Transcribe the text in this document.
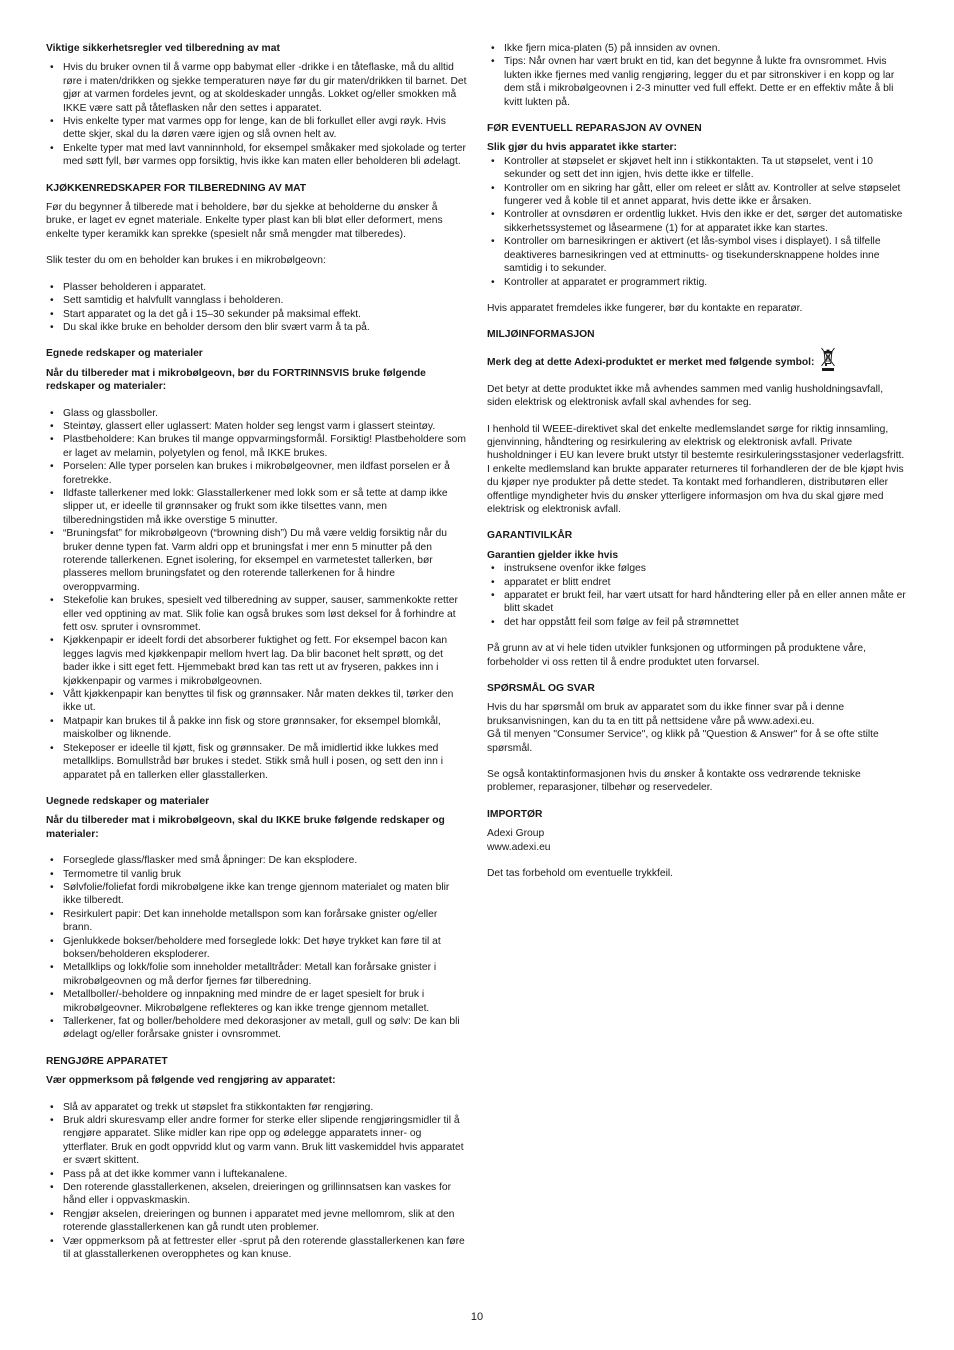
Viktige sikkerhetsregler ved tilberedning av mat

• Hvis du bruker ovnen til å varme opp babymat eller -drikke i en tåteflaske, må du alltid røre i maten/drikken og sjekke temperaturen nøye før du gir maten/drikken til barnet. Det gjør at varmen fordeles jevnt, og at skoldeskader unngås. Lokket og/eller smokken må IKKE være satt på tåteflasken når den settes i apparatet.
• Hvis enkelte typer mat varmes opp for lenge, kan de bli forkullet eller avgi røyk. Hvis dette skjer, skal du la døren være igjen og slå ovnen helt av.
• Enkelte typer mat med lavt vanninnhold, for eksempel småkaker med sjokolade og terter med søtt fyll, bør varmes opp forsiktig, hvis ikke kan maten eller beholderen bli ødelagt.

KJØKKENREDSKAPER FOR TILBEREDNING AV MAT

Før du begynner å tilberede mat i beholdere, bør du sjekke at beholderne du ønsker å bruke, er laget ev egnet materiale. Enkelte typer plast kan bli bløt eller deformert, mens enkelte typer keramikk kan sprekke (spesielt når små mengder mat tilberedes).

Slik tester du om en beholder kan brukes i en mikrobølgeovn:

• Plasser beholderen i apparatet.
• Sett samtidig et halvfullt vannglass i beholderen.
• Start apparatet og la det gå i 15–30 sekunder på maksimal effekt.
• Du skal ikke bruke en beholder dersom den blir svært varm å ta på.

Egnede redskaper og materialer

Når du tilbereder mat i mikrobølgeovn, bør du FORTRINNSVIS bruke følgende redskaper og materialer:

• Glass og glassboller.
• Steintøy, glassert eller uglassert: Maten holder seg lengst varm i glassert steintøy.
• Plastbeholdere: Kan brukes til mange oppvarmingsformål. Forsiktig! Plastbeholdere som er laget av melamin, polyetylen og fenol, må IKKE brukes.
• Porselen: Alle typer porselen kan brukes i mikrobølgeovner, men ildfast porselen er å foretrekke.
• Ildfaste tallerkener med lokk: Glasstallerkener med lokk som er så tette at damp ikke slipper ut, er ideelle til grønnsaker og frukt som ikke tilsettes vann, men tilberedningstiden må ikke overstige 5 minutter.
• “Bruningsfat” for mikrobølgeovn (“browning dish”) Du må være veldig forsiktig når du bruker denne typen fat. Varm aldri opp et bruningsfat i mer enn 5 minutter på den roterende tallerkenen. Egnet isolering, for eksempel en varmetestet tallerken, bør plasseres mellom bruningsfatet og den roterende tallerkenen for å hindre overoppvarming.
• Stekefolie kan brukes, spesielt ved tilberedning av supper, sauser, sammenkokte retter eller ved opptining av mat. Slik folie kan også brukes som løst deksel for å forhindre at fett osv. spruter i ovnsrommet.
• Kjøkkenpapir er ideelt fordi det absorberer fuktighet og fett. For eksempel bacon kan legges lagvis med kjøkkenpapir mellom hvert lag. Da blir baconet helt sprøtt, og det bader ikke i sitt eget fett. Hjemmebakt brød kan tas rett ut av fryseren, pakkes inn i kjøkkenpapir og varmes i mikrobølgeovnen.
• Vått kjøkkenpapir kan benyttes til fisk og grønnsaker. Når maten dekkes til, tørker den ikke ut.
• Matpapir kan brukes til å pakke inn fisk og store grønnsaker, for eksempel blomkål, maiskolber og liknende.
• Stekeposer er ideelle til kjøtt, fisk og grønnsaker. De må imidlertid ikke lukkes med metallklips. Bomullstråd bør brukes i stedet. Stikk små hull i posen, og sett den inn i apparatet på en tallerken eller glasstallerken.

Uegnede redskaper og materialer

Når du tilbereder mat i mikrobølgeovn, skal du IKKE bruke følgende redskaper og materialer:

• Forseglede glass/flasker med små åpninger: De kan eksplodere.
• Termometre til vanlig bruk
• Sølvfolie/foliefat fordi mikrobølgene ikke kan trenge gjennom materialet og maten blir ikke tilberedt.
• Resirkulert papir: Det kan inneholde metallspon som kan forårsake gnister og/eller brann.
• Gjenlukkede bokser/beholdere med forseglede lokk: Det høye trykket kan føre til at boksen/beholderen eksploderer.
• Metallklips og lokk/folie som inneholder metalltråder: Metall kan forårsake gnister i mikrobølgeovnen og må derfor fjernes før tilberedning.
• Metallboller/-beholdere og innpakning med mindre de er laget spesielt for bruk i mikrobølgeovner. Mikrobølgene reflekteres og kan ikke trenge gjennom metallet.
• Tallerkener, fat og boller/beholdere med dekorasjoner av metall, gull og sølv: De kan bli ødelagt og/eller forårsake gnister i ovnsrommet.

RENGJØRE APPARATET

Vær oppmerksom på følgende ved rengjøring av apparatet:

• Slå av apparatet og trekk ut støpslet fra stikkontakten før rengjøring.
• Bruk aldri skuresvamp eller andre former for sterke eller slipende rengjøringsmidler til å rengjøre apparatet. Slike midler kan ripe opp og ødelegge apparatets inner- og ytterflater. Bruk en godt oppvridd klut og varm vann. Bruk litt vaskemiddel hvis apparatet er svært skittent.
• Pass på at det ikke kommer vann i luftekanalene.
• Den roterende glasstallerkenen, akselen, dreieringen og grillinnsatsen kan vaskes for hånd eller i oppvaskmaskin.
• Rengjør akselen, dreieringen og bunnen i apparatet med jevne mellomrom, slik at den roterende glasstallerkenen kan gå rundt uten problemer.
• Vær oppmerksom på at fettrester eller -sprut på den roterende glasstallerkenen kan føre til at glasstallerkenen overopphetes og kan knuse.
• Ikke fjern mica-platen (5) på innsiden av ovnen.
• Tips: Når ovnen har vært brukt en tid, kan det begynne å lukte fra ovnsrommet. Hvis lukten ikke fjernes med vanlig rengjøring, legger du et par sitronskiver i en kopp og lar dem stå i mikrobølgeovnen i 2-3 minutter ved full effekt. Dette er en effektiv måte å bli kvitt lukten på.

FØR EVENTUELL REPARASJON AV OVNEN

Slik gjør du hvis apparatet ikke starter:

• Kontroller at støpselet er skjøvet helt inn i stikkontakten. Ta ut støpselet, vent i 10 sekunder og sett det inn igjen, hvis dette ikke er tilfelle.
• Kontroller om en sikring har gått, eller om releet er slått av. Kontroller at selve støpselet fungerer ved å koble til et annet apparat, hvis dette ikke er årsaken.
• Kontroller at ovnsdøren er ordentlig lukket. Hvis den ikke er det, sørger det automatiske sikkerhetssystemet og låsearmene (1) for at apparatet ikke kan startes.
• Kontroller om barnesikringen er aktivert (et lås-symbol vises i displayet). I så tilfelle deaktiveres barnesikringen ved at ettminutts- og tisekundersknappene holdes inne samtidig i to sekunder.
• Kontroller at apparatet er programmert riktig.

Hvis apparatet fremdeles ikke fungerer, bør du kontakte en reparatør.

MILJØINFORMASJON

Merk deg at dette Adexi-produktet er merket med følgende symbol:

Det betyr at dette produktet ikke må avhendes sammen med vanlig husholdningsavfall, siden elektrisk og elektronisk avfall skal avhendes for seg.

I henhold til WEEE-direktivet skal det enkelte medlemslandet sørge for riktig innsamling, gjenvinning, håndtering og resirkulering av elektrisk og elektronisk avfall. Private husholdninger i EU kan levere brukt utstyr til bestemte resirkuleringsstasjoner vederlagsfritt. I enkelte medlemsland kan brukte apparater returneres til forhandleren der de ble kjøpt hvis du kjøper nye produkter på dette stedet. Ta kontakt med forhandleren, distributøren eller offentlige myndigheter hvis du ønsker ytterligere informasjon om hva du skal gjøre med elektrisk og elektronisk avfall.

GARANTIVILKÅR

Garantien gjelder ikke hvis

• instruksene ovenfor ikke følges
• apparatet er blitt endret
• apparatet er brukt feil, har vært utsatt for hard håndtering eller på en eller annen måte er blitt skadet
• det har oppstått feil som følge av feil på strømnettet

På grunn av at vi hele tiden utvikler funksjonen og utformingen på produktene våre, forbeholder vi oss retten til å endre produktet uten forvarsel.

SPØRSMÅL OG SVAR

Hvis du har spørsmål om bruk av apparatet som du ikke finner svar på i denne bruksanvisningen, kan du ta en titt på nettsidene våre på www.adexi.eu.

Gå til menyen "Consumer Service", og klikk på "Question & Answer" for å se ofte stilte spørsmål.

Se også kontaktinformasjonen hvis du ønsker å kontakte oss vedrørende tekniske problemer, reparasjoner, tilbehør og reservedeler.

IMPORTØR

Adexi Group

www.adexi.eu

Det tas forbehold om eventuelle trykkfeil.

10
